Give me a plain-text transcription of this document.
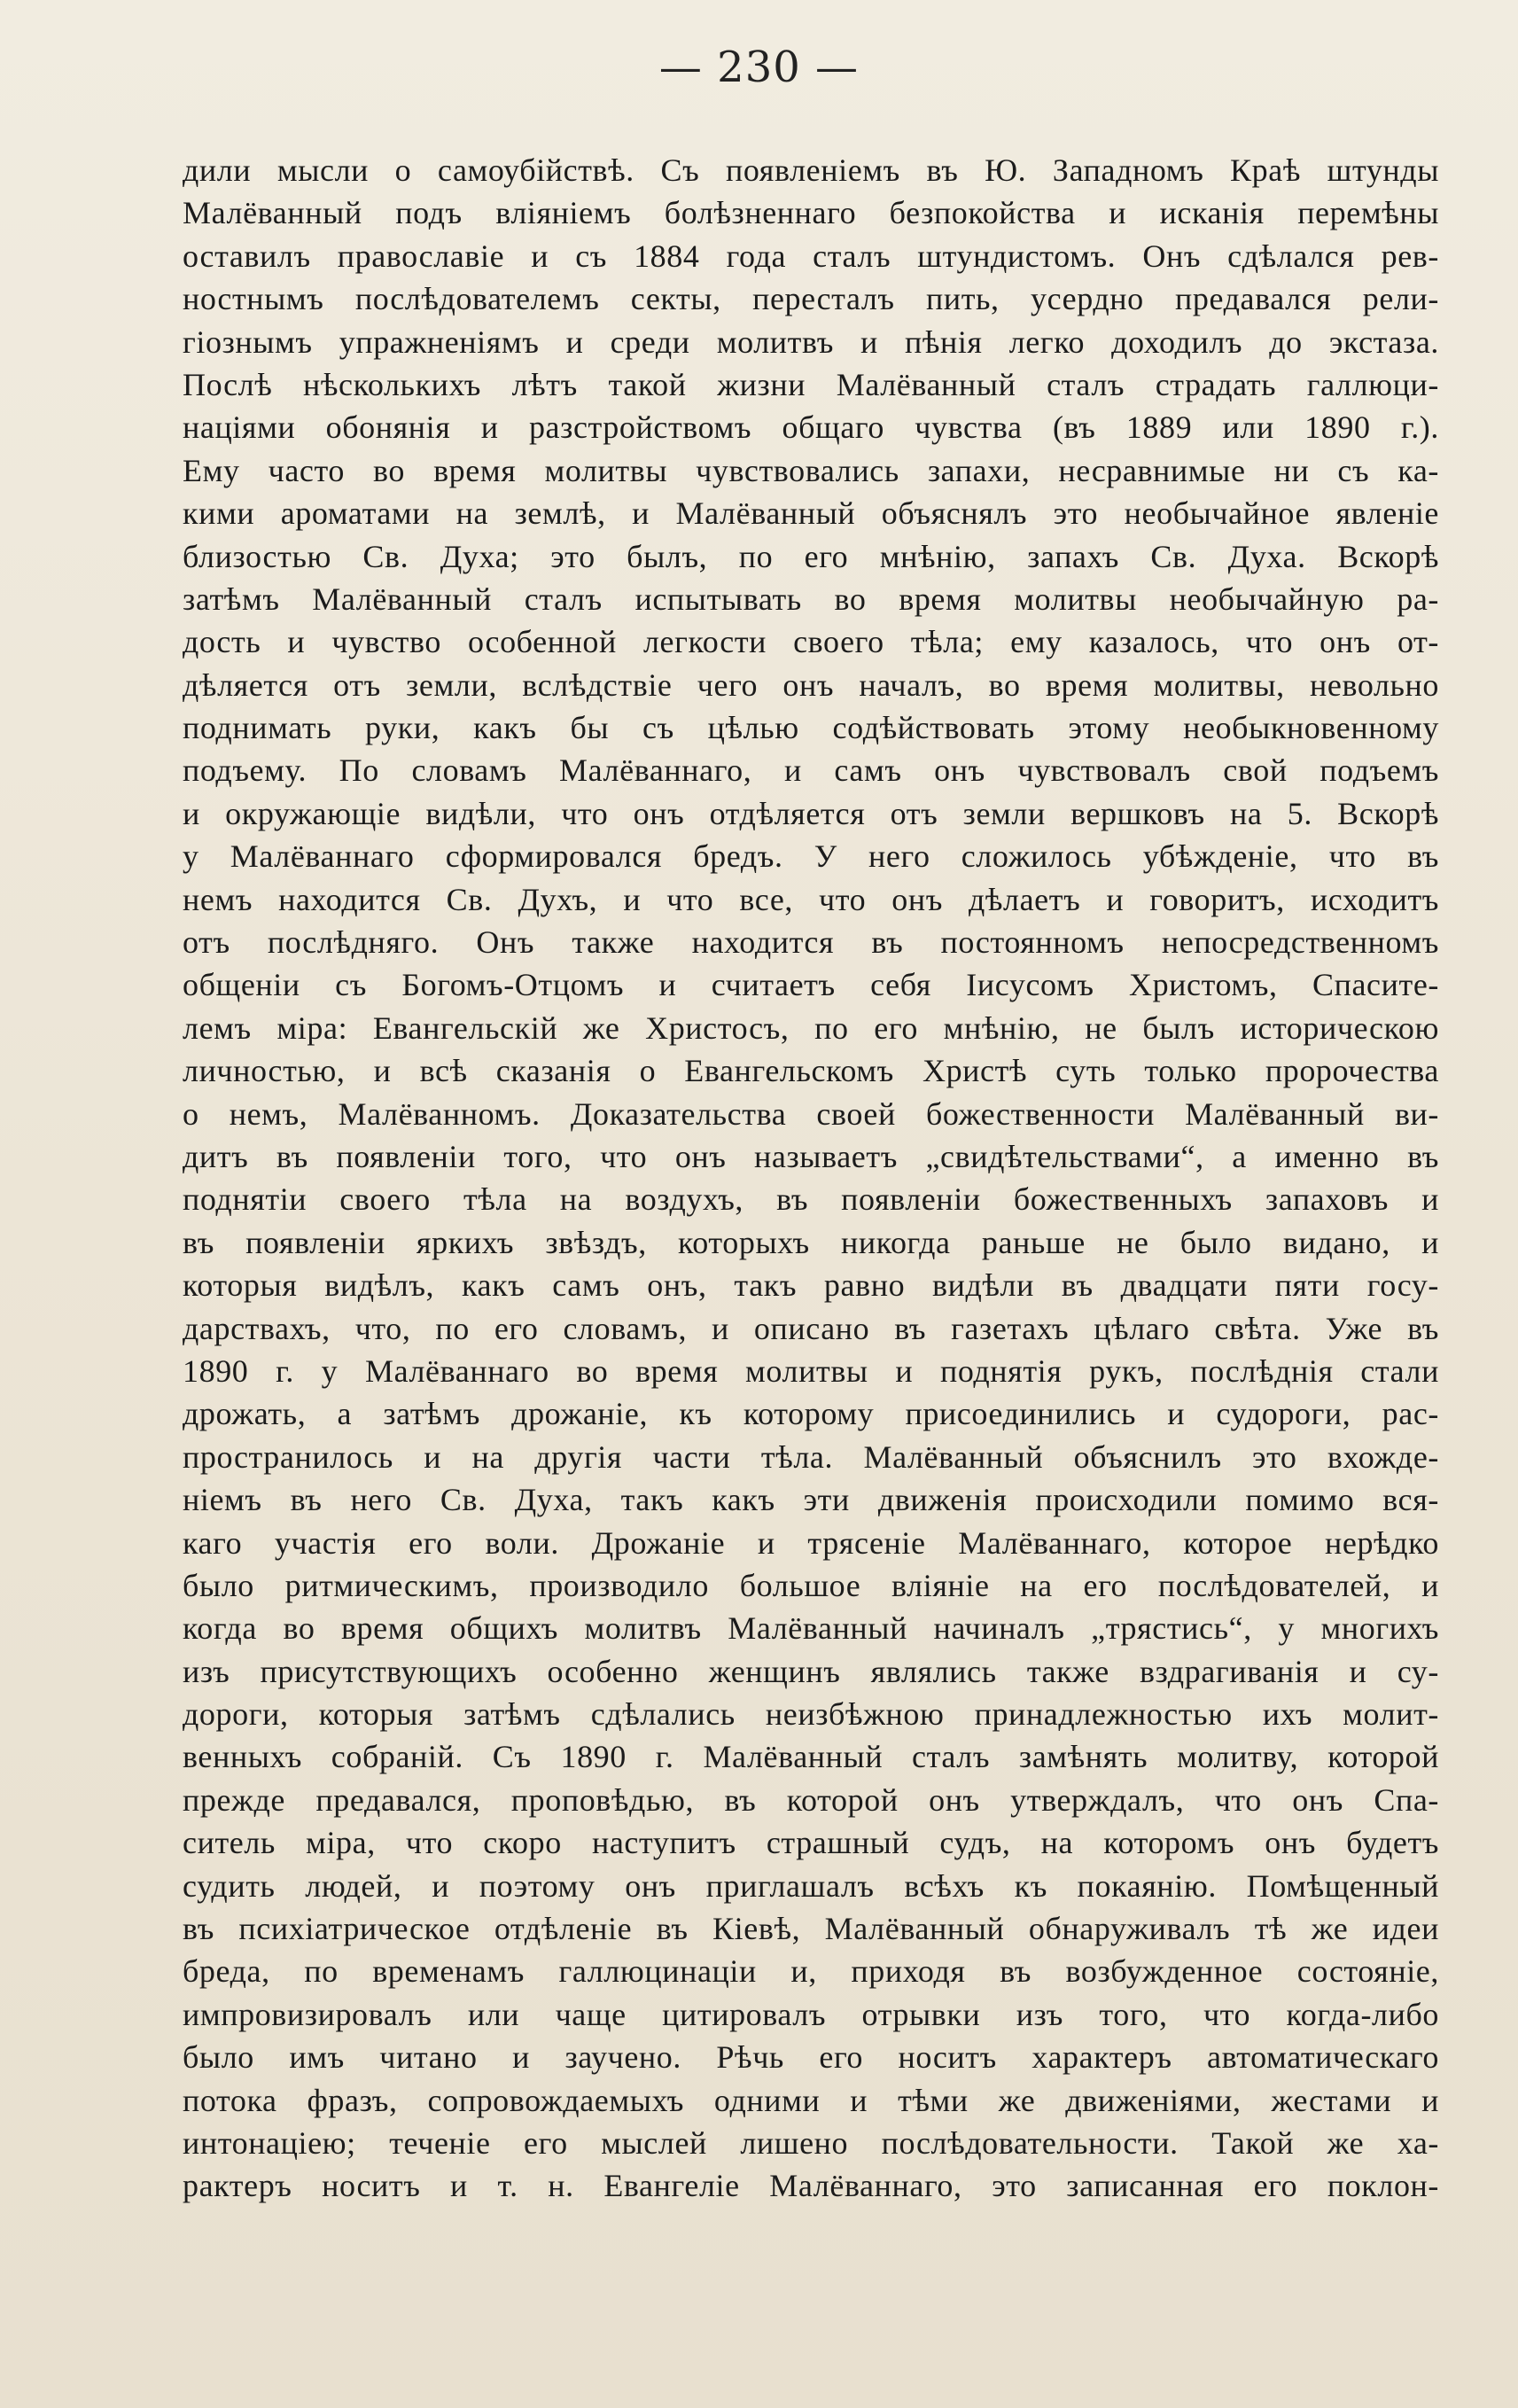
— 230 —
дили мысли о самоубійствѣ. Съ появленіемъ въ Ю. Западномъ Краѣ штунды
Малёванный подъ вліяніемъ болѣзненнаго безпокойства и исканія перемѣны
оставилъ православіе и съ 1884 года сталъ штундистомъ. Онъ сдѣлался рев-
ностнымъ послѣдователемъ секты, пересталъ пить, усердно предавался рели-
гіознымъ упражненіямъ и среди молитвъ и пѣнія легко доходилъ до экстаза.
Послѣ нѣсколькихъ лѣтъ такой жизни Малёванный сталъ страдать галлюци-
націями обонянія и разстройствомъ общаго чувства (въ 1889 или 1890 г.).
Ему часто во время молитвы чувствовались запахи, несравнимые ни съ ка-
кими ароматами на землѣ, и Малёванный объяснялъ это необычайное явленіе
близостью Св. Духа; это былъ, по его мнѣнію, запахъ Св. Духа. Вскорѣ
затѣмъ Малёванный сталъ испытывать во время молитвы необычайную ра-
дость и чувство особенной легкости своего тѣла; ему казалось, что онъ от-
дѣляется отъ земли, вслѣдствіе чего онъ началъ, во время молитвы, невольно
поднимать руки, какъ бы съ цѣлью содѣйствовать этому необыкновенному
подъему. По словамъ Малёваннаго, и самъ онъ чувствовалъ свой подъемъ
и окружающіе видѣли, что онъ отдѣляется отъ земли вершковъ на 5. Вскорѣ
у Малёваннаго сформировался бредъ. У него сложилось убѣжденіе, что въ
немъ находится Св. Духъ, и что все, что онъ дѣлаетъ и говоритъ, исходитъ
отъ послѣдняго. Онъ также находится въ постоянномъ непосредственномъ
общеніи съ Богомъ-Отцомъ и считаетъ себя Іисусомъ Христомъ, Спасите-
лемъ міра: Евангельскій же Христосъ, по его мнѣнію, не былъ историческою
личностью, и всѣ сказанія о Евангельскомъ Христѣ суть только пророчества
о немъ, Малёванномъ. Доказательства своей божественности Малёванный ви-
дитъ въ появленіи того, что онъ называетъ „свидѣтельствами“, а именно въ
поднятіи своего тѣла на воздухъ, въ появленіи божественныхъ запаховъ и
въ появленіи яркихъ звѣздъ, которыхъ никогда раньше не было видано, и
которыя видѣлъ, какъ самъ онъ, такъ равно видѣли въ двадцати пяти госу-
дарствахъ, что, по его словамъ, и описано въ газетахъ цѣлаго свѣта. Уже въ
1890 г. у Малёваннаго во время молитвы и поднятія рукъ, послѣднія стали
дрожать, а затѣмъ дрожаніе, къ которому присоединились и судороги, рас-
пространилось и на другія части тѣла. Малёванный объяснилъ это вхожде-
ніемъ въ него Св. Духа, такъ какъ эти движенія происходили помимо вся-
каго участія его воли. Дрожаніе и трясеніе Малёваннаго, которое нерѣдко
было ритмическимъ, производило большое вліяніе на его послѣдователей, и
когда во время общихъ молитвъ Малёванный начиналъ „трястись“, у многихъ
изъ присутствующихъ особенно женщинъ являлись также вздрагиванія и су-
дороги, которыя затѣмъ сдѣлались неизбѣжною принадлежностью ихъ молит-
венныхъ собраній. Съ 1890 г. Малёванный сталъ замѣнять молитву, которой
прежде предавался, проповѣдью, въ которой онъ утверждалъ, что онъ Спа-
ситель міра, что скоро наступитъ страшный судъ, на которомъ онъ будетъ
судить людей, и поэтому онъ приглашалъ всѣхъ къ покаянію. Помѣщенный
въ психіатрическое отдѣленіе въ Кіевѣ, Малёванный обнаруживалъ тѣ же идеи
бреда, по временамъ галлюцинаціи и, приходя въ возбужденное состояніе,
импровизировалъ или чаще цитировалъ отрывки изъ того, что когда-либо
было имъ читано и заучено. Рѣчь его носитъ характеръ автоматическаго
потока фразъ, сопровождаемыхъ одними и тѣми же движеніями, жестами и
интонаціею; теченіе его мыслей лишено послѣдовательности. Такой же ха-
рактеръ носитъ и т. н. Евангеліе Малёваннаго, это записанная его поклон-
